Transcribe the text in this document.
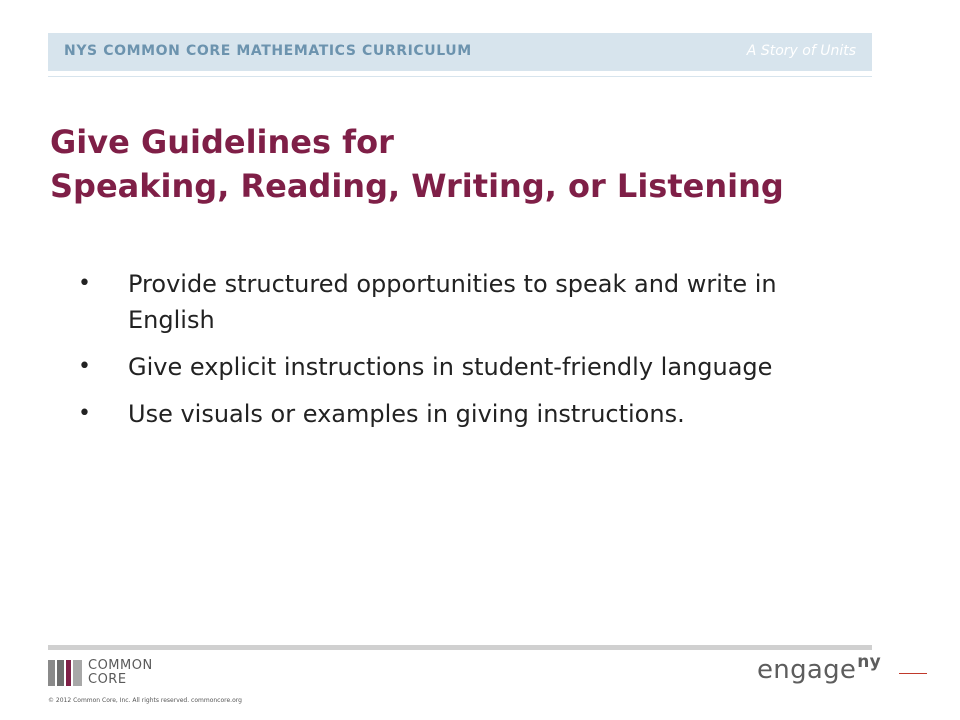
NYS COMMON CORE MATHEMATICS CURRICULUM	A Story of Units
Give Guidelines for
Speaking, Reading, Writing, or Listening
• Provide structured opportunities to speak and write in English
• Give explicit instructions in student-friendly language
• Use visuals or examples in giving instructions.
COMMON
CORE
© 2012 Common Core, Inc. All rights reserved. commoncore.org
engage$^{ny}$
